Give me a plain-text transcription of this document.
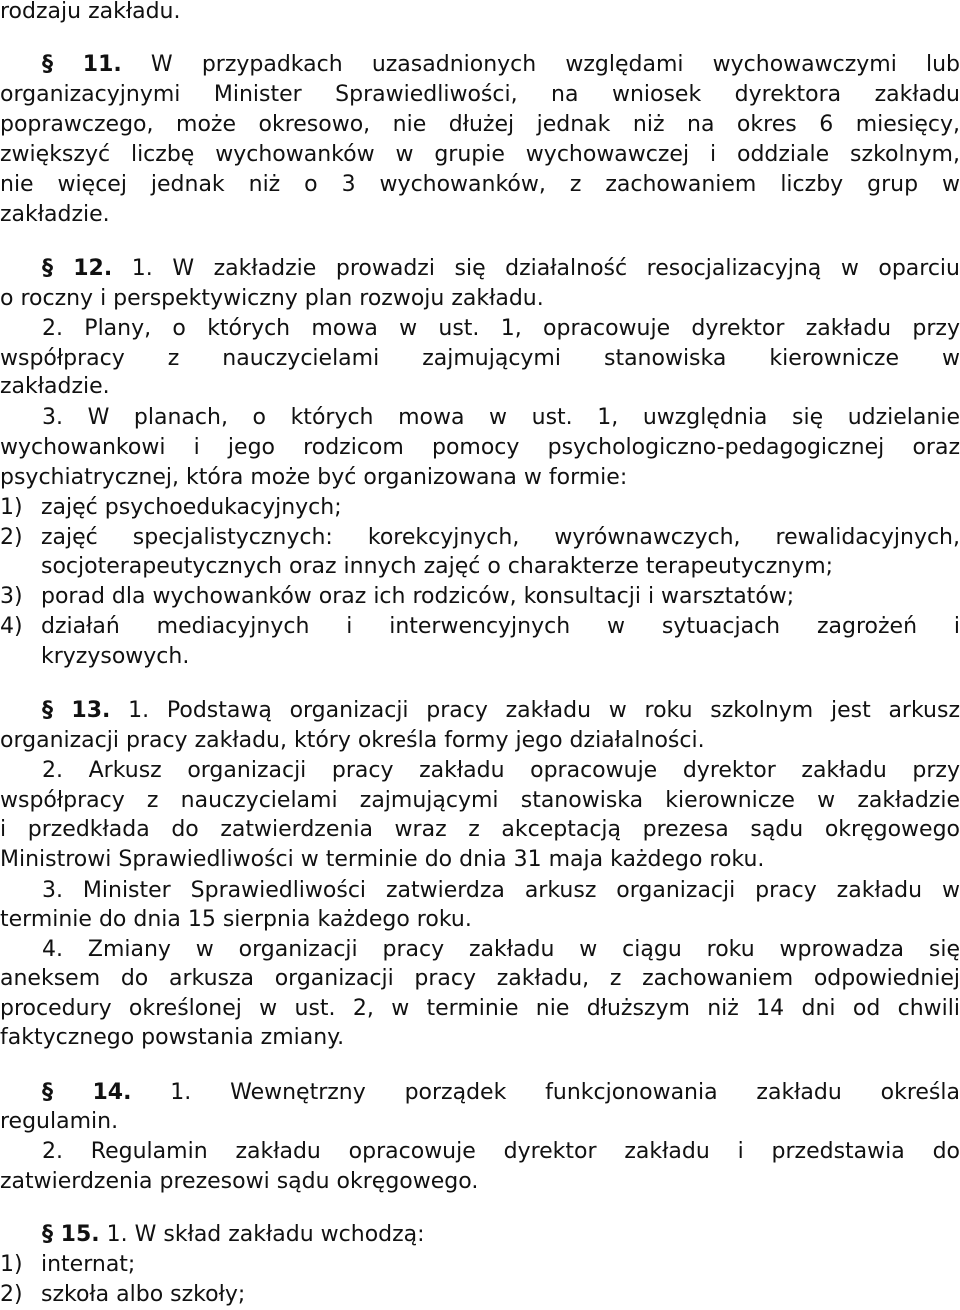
rodzaju zakładu.
§ 11. W przypadkach uzasadnionych względami wychowawczymi lub
organizacyjnymi Minister Sprawiedliwości, na wniosek dyrektora zakładu
poprawczego, może okresowo, nie dłużej jednak niż na okres 6 miesięcy,
zwiększyć liczbę wychowanków w grupie wychowawczej i oddziale szkolnym,
nie więcej jednak niż o 3 wychowanków, z zachowaniem liczby grup w
zakładzie.
§ 12. 1. W zakładzie prowadzi się działalność resocjalizacyjną w oparciu
o roczny i perspektywiczny plan rozwoju zakładu.
2. Plany, o których mowa w ust. 1, opracowuje dyrektor zakładu przy
współpracy z nauczycielami zajmującymi stanowiska kierownicze w
zakładzie.
3. W planach, o których mowa w ust. 1, uwzględnia się udzielanie
wychowankowi i jego rodzicom pomocy psychologiczno-pedagogicznej oraz
psychiatrycznej, która może być organizowana w formie:
1) zajęć psychoedukacyjnych;
2) zajęć specjalistycznych: korekcyjnych, wyrównawczych, rewalidacyjnych,
socjoterapeutycznych oraz innych zajęć o charakterze terapeutycznym;
3) porad dla wychowanków oraz ich rodziców, konsultacji i warsztatów;
4) działań mediacyjnych i interwencyjnych w sytuacjach zagrożeń i
kryzysowych.
§ 13. 1. Podstawą organizacji pracy zakładu w roku szkolnym jest arkusz
organizacji pracy zakładu, który określa formy jego działalności.
2. Arkusz organizacji pracy zakładu opracowuje dyrektor zakładu przy
współpracy z nauczycielami zajmującymi stanowiska kierownicze w zakładzie
i przedkłada do zatwierdzenia wraz z akceptacją prezesa sądu okręgowego
Ministrowi Sprawiedliwości w terminie do dnia 31 maja każdego roku.
3. Minister Sprawiedliwości zatwierdza arkusz organizacji pracy zakładu w
terminie do dnia 15 sierpnia każdego roku.
4. Zmiany w organizacji pracy zakładu w ciągu roku wprowadza się
aneksem do arkusza organizacji pracy zakładu, z zachowaniem odpowiedniej
procedury określonej w ust. 2, w terminie nie dłuższym niż 14 dni od chwili
faktycznego powstania zmiany.
§ 14. 1. Wewnętrzny porządek funkcjonowania zakładu określa
regulamin.
2. Regulamin zakładu opracowuje dyrektor zakładu i przedstawia do
zatwierdzenia prezesowi sądu okręgowego.
§ 15. 1. W skład zakładu wchodzą:
1) internat;
2) szkoła albo szkoły;
